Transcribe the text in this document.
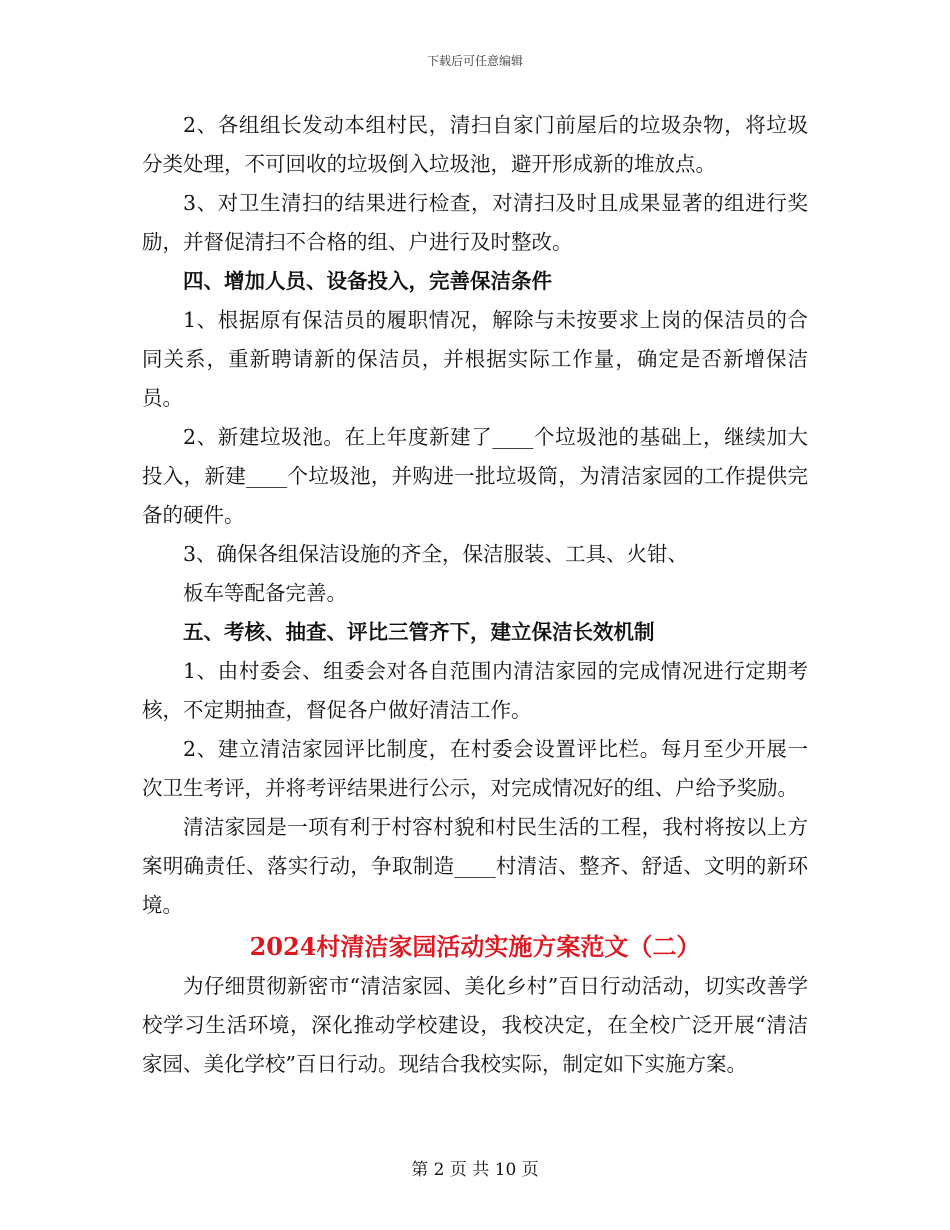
下载后可任意编辑

2、各组组长发动本组村民，清扫自家门前屋后的垃圾杂物，将垃圾分类处理，不可回收的垃圾倒入垃圾池，避开形成新的堆放点。

3、对卫生清扫的结果进行检查，对清扫及时且成果显著的组进行奖励，并督促清扫不合格的组、户进行及时整改。

四、增加人员、设备投入，完善保洁条件

1、根据原有保洁员的履职情况，解除与未按要求上岗的保洁员的合同关系，重新聘请新的保洁员，并根据实际工作量，确定是否新增保洁员。

2、新建垃圾池。在上年度新建了____个垃圾池的基础上，继续加大投入，新建____个垃圾池，并购进一批垃圾筒，为清洁家园的工作提供完备的硬件。

3、确保各组保洁设施的齐全，保洁服装、工具、火钳、

板车等配备完善。

五、考核、抽查、评比三管齐下，建立保洁长效机制

1、由村委会、组委会对各自范围内清洁家园的完成情况进行定期考核，不定期抽查，督促各户做好清洁工作。

2、建立清洁家园评比制度，在村委会设置评比栏。每月至少开展一次卫生考评，并将考评结果进行公示，对完成情况好的组、户给予奖励。

清洁家园是一项有利于村容村貌和村民生活的工程，我村将按以上方案明确责任、落实行动，争取制造____村清洁、整齐、舒适、文明的新环境。

2024村清洁家园活动实施方案范文（二）

为仔细贯彻新密市“清洁家园、美化乡村”百日行动活动，切实改善学校学习生活环境，深化推动学校建设，我校决定，在全校广泛开展“清洁家园、美化学校”百日行动。现结合我校实际，制定如下实施方案。

第 2 页 共 10 页
